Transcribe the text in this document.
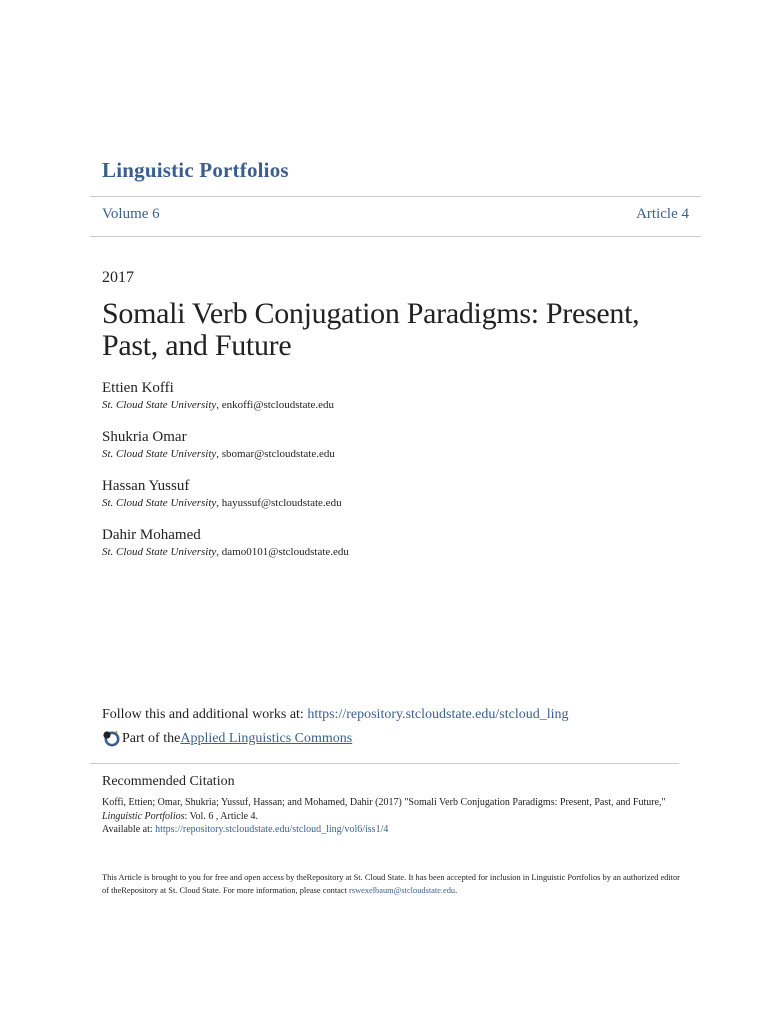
Linguistic Portfolios
Volume 6	Article 4
2017
Somali Verb Conjugation Paradigms: Present, Past, and Future
Ettien Koffi
St. Cloud State University, enkoffi@stcloudstate.edu
Shukria Omar
St. Cloud State University, sbomar@stcloudstate.edu
Hassan Yussuf
St. Cloud State University, hayussuf@stcloudstate.edu
Dahir Mohamed
St. Cloud State University, damo0101@stcloudstate.edu
Follow this and additional works at: https://repository.stcloudstate.edu/stcloud_ling
Part of the Applied Linguistics Commons
Recommended Citation
Koffi, Ettien; Omar, Shukria; Yussuf, Hassan; and Mohamed, Dahir (2017) "Somali Verb Conjugation Paradigms: Present, Past, and Future," Linguistic Portfolios: Vol. 6 , Article 4.
Available at: https://repository.stcloudstate.edu/stcloud_ling/vol6/iss1/4
This Article is brought to you for free and open access by theRepository at St. Cloud State. It has been accepted for inclusion in Linguistic Portfolios by an authorized editor of theRepository at St. Cloud State. For more information, please contact rswexelbaum@stcloudstate.edu.
